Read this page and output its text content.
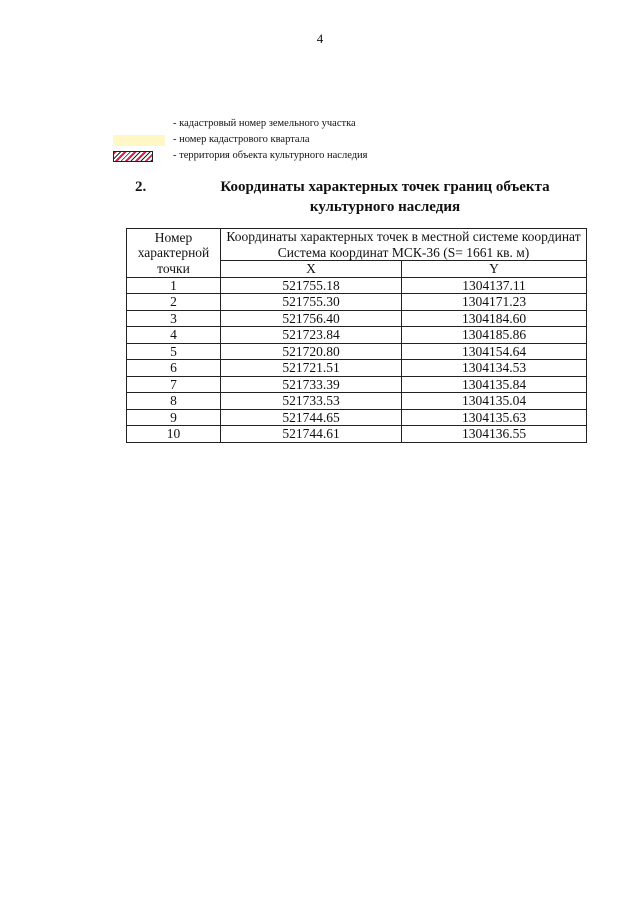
4
- кадастровый номер земельного участка
- номер кадастрового квартала
- территория объекта культурного наследия
2.	Координаты характерных точек границ объекта культурного наследия
Номер характерной точки	Координаты характерных точек в местной системе координат
Система координат МСК-36 (S= 1661 кв. м)	

	X	Y
1	521755.18	1304137.11
2	521755.30	1304171.23
3	521756.40	1304184.60
4	521723.84	1304185.86
5	521720.80	1304154.64
6	521721.51	1304134.53
7	521733.39	1304135.84
8	521733.53	1304135.04
9	521744.65	1304135.63
10	521744.61	1304136.55
